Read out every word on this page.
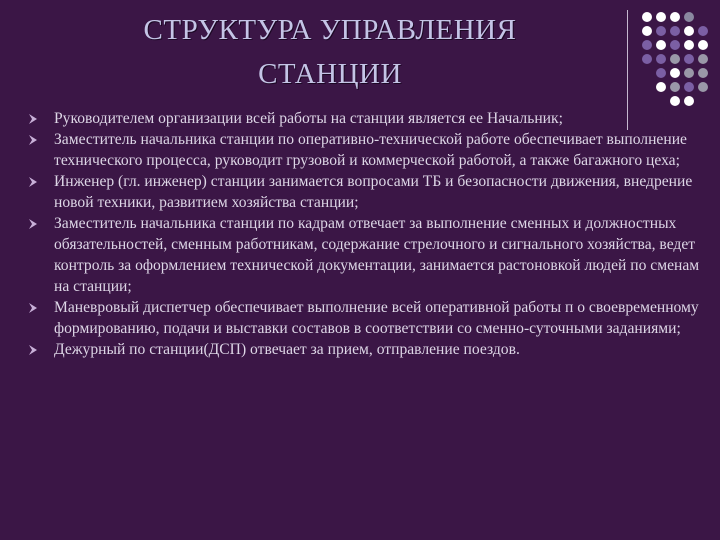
СТРУКТУРА УПРАВЛЕНИЯ
СТАНЦИИ
Руководителем организации всей работы на станции является ее Начальник;
Заместитель начальника станции по оперативно-технической работе обеспечивает выполнение технического процесса, руководит грузовой и коммерческой работой, а также багажного цеха;
Инженер (гл. инженер) станции занимается вопросами ТБ и безопасности движения, внедрение новой техники, развитием хозяйства станции;
Заместитель начальника станции по кадрам отвечает за выполнение сменных и должностных обязательностей, сменным работникам, содержание стрелочного и сигнального хозяйства, ведет контроль за оформлением технической документации, занимается растоновкой людей по сменам на станции;
Маневровый диспетчер обеспечивает выполнение всей оперативной работы п о своевременному формированию, подачи и выставки составов в соответствии со сменно-суточными заданиями;
Дежурный по станции(ДСП) отвечает за прием, отправление поездов.
